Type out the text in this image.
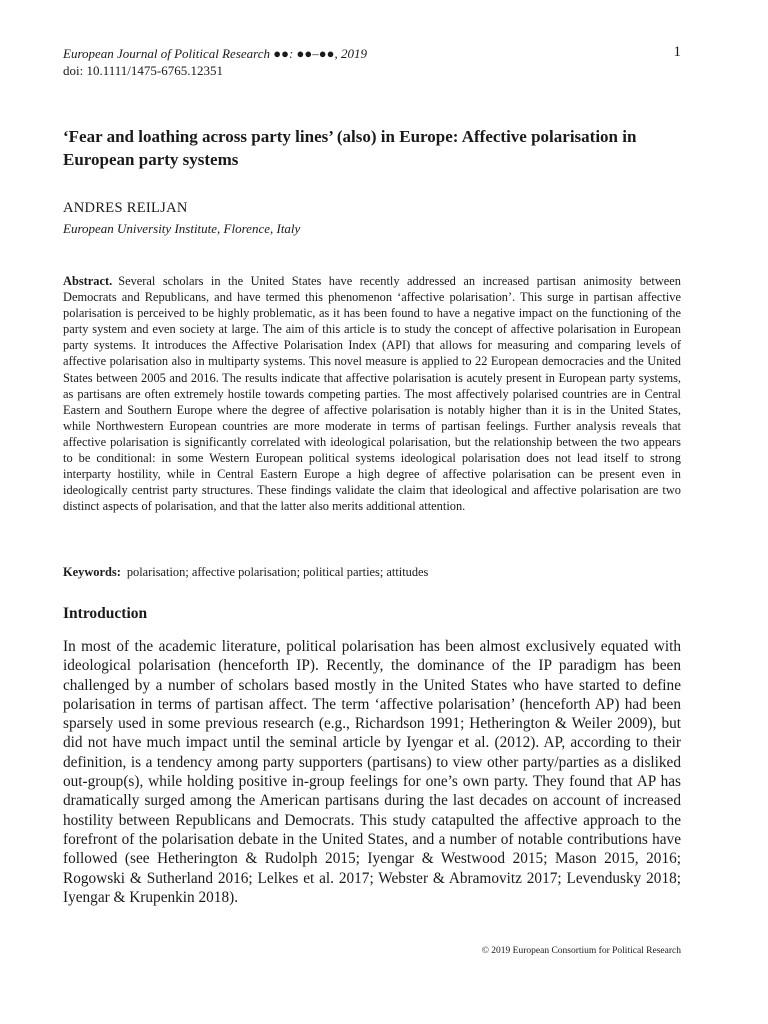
European Journal of Political Research ●●: ●●–●●, 2019
doi: 10.1111/1475-6765.12351
1
‘Fear and loathing across party lines’ (also) in Europe: Affective polarisation in European party systems
ANDRES REILJAN
European University Institute, Florence, Italy
Abstract. Several scholars in the United States have recently addressed an increased partisan animosity between Democrats and Republicans, and have termed this phenomenon ‘affective polarisation’. This surge in partisan affective polarisation is perceived to be highly problematic, as it has been found to have a negative impact on the functioning of the party system and even society at large. The aim of this article is to study the concept of affective polarisation in European party systems. It introduces the Affective Polarisation Index (API) that allows for measuring and comparing levels of affective polarisation also in multiparty systems. This novel measure is applied to 22 European democracies and the United States between 2005 and 2016. The results indicate that affective polarisation is acutely present in European party systems, as partisans are often extremely hostile towards competing parties. The most affectively polarised countries are in Central Eastern and Southern Europe where the degree of affective polarisation is notably higher than it is in the United States, while Northwestern European countries are more moderate in terms of partisan feelings. Further analysis reveals that affective polarisation is significantly correlated with ideological polarisation, but the relationship between the two appears to be conditional: in some Western European political systems ideological polarisation does not lead itself to strong interparty hostility, while in Central Eastern Europe a high degree of affective polarisation can be present even in ideologically centrist party structures. These findings validate the claim that ideological and affective polarisation are two distinct aspects of polarisation, and that the latter also merits additional attention.
Keywords: polarisation; affective polarisation; political parties; attitudes
Introduction
In most of the academic literature, political polarisation has been almost exclusively equated with ideological polarisation (henceforth IP). Recently, the dominance of the IP paradigm has been challenged by a number of scholars based mostly in the United States who have started to define polarisation in terms of partisan affect. The term ‘affective polarisation’ (henceforth AP) had been sparsely used in some previous research (e.g., Richardson 1991; Hetherington & Weiler 2009), but did not have much impact until the seminal article by Iyengar et al. (2012). AP, according to their definition, is a tendency among party supporters (partisans) to view other party/parties as a disliked out-group(s), while holding positive in-group feelings for one’s own party. They found that AP has dramatically surged among the American partisans during the last decades on account of increased hostility between Republicans and Democrats. This study catapulted the affective approach to the forefront of the polarisation debate in the United States, and a number of notable contributions have followed (see Hetherington & Rudolph 2015; Iyengar & Westwood 2015; Mason 2015, 2016; Rogowski & Sutherland 2016; Lelkes et al. 2017; Webster & Abramovitz 2017; Levendusky 2018; Iyengar & Krupenkin 2018).
© 2019 European Consortium for Political Research
